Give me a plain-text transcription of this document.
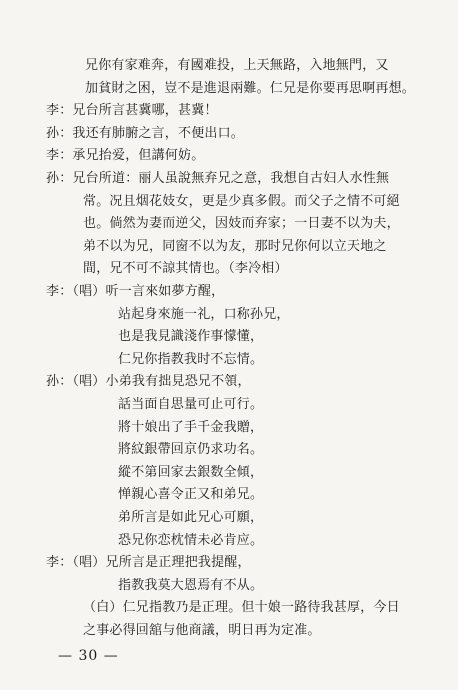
兄你有家难奔，有國难投，上天無路，入地無門，又
加貧財之困，豈不是進退兩難。仁兄是你要再思啊再想。
李：兄台所言甚冀哪，甚冀！
孙：我还有肺腑之言，不便出口。
李：承兄抬爱，但講何妨。
孙：兄台所道：丽人虽說無弃兄之意，我想自古妇人水性無
常。况且烟花妓女，更是少真多假。而父子之情不可絕
也。倘然为妻而逆父，因妓而弃家；一日妻不以为夫，
弟不以为兄，同窗不以为友，那时兄你何以立天地之
間，兄不可不諒其情也。（李冷相）
李：（唱）听一言來如夢方醒，
站起身來施一礼，口称孙兄，
也是我見識淺作事懞懂，
仁兄你指教我时不忘情。
孙：（唱）小弟我有拙見恐兄不領，
話当面自思量可止可行。
將十娘出了手千金我贈，
將紋銀帶回京仍求功名。
縱不第回家去銀数全傾，
惮親心喜令正又和弟兄。
弟所言是如此兄心可願，
恐兄你恋枕情未必肯应。
李：（唱）兄所言是正理把我提醒，
指教我莫大恩焉有不从。
（白）仁兄指教乃是正理。但十娘一路待我甚厚，今日
之事必得回舘与他商議，明日再为定准。
— 30 —
